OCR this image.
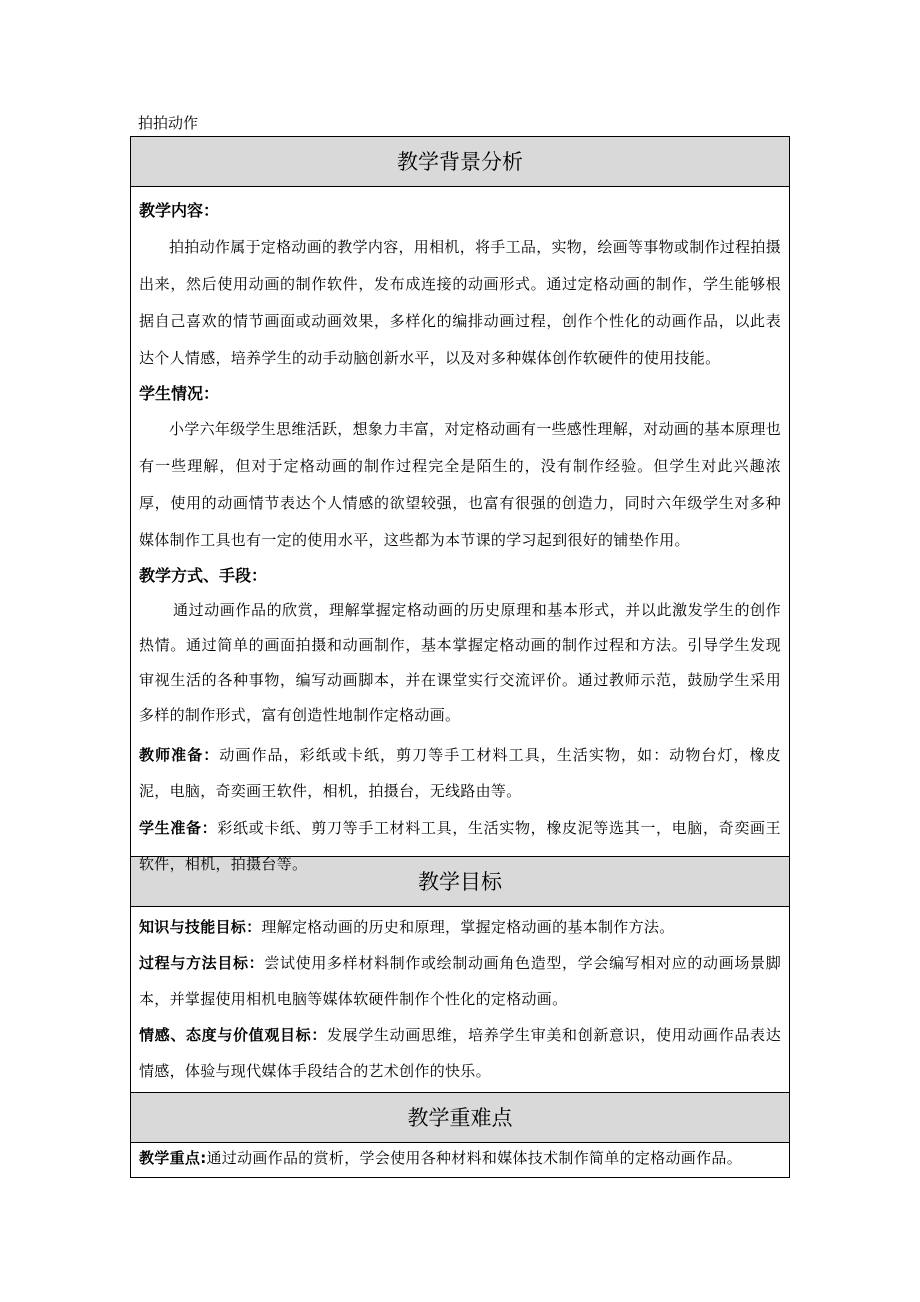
拍拍动作
教学背景分析
教学内容：
拍拍动作属于定格动画的教学内容，用相机，将手工品，实物，绘画等事物或制作过程拍摄出来，然后使用动画的制作软件，发布成连接的动画形式。通过定格动画的制作，学生能够根据自己喜欢的情节画面或动画效果，多样化的编排动画过程，创作个性化的动画作品，以此表达个人情感，培养学生的动手动脑创新水平，以及对多种媒体创作软硬件的使用技能。
学生情况：
小学六年级学生思维活跃，想象力丰富，对定格动画有一些感性理解，对动画的基本原理也有一些理解，但对于定格动画的制作过程完全是陌生的，没有制作经验。但学生对此兴趣浓厚，使用的动画情节表达个人情感的欲望较强，也富有很强的创造力，同时六年级学生对多种媒体制作工具也有一定的使用水平，这些都为本节课的学习起到很好的铺垫作用。
教学方式、手段：
通过动画作品的欣赏，理解掌握定格动画的历史原理和基本形式，并以此激发学生的创作热情。通过简单的画面拍摄和动画制作，基本掌握定格动画的制作过程和方法。引导学生发现审视生活的各种事物，编写动画脚本，并在课堂实行交流评价。通过教师示范，鼓励学生采用多样的制作形式，富有创造性地制作定格动画。
教师准备：动画作品，彩纸或卡纸，剪刀等手工材料工具，生活实物，如：动物台灯，橡皮泥，电脑，奇奕画王软件，相机，拍摄台，无线路由等。
学生准备：彩纸或卡纸、剪刀等手工材料工具，生活实物，橡皮泥等选其一，电脑，奇奕画王软件，相机，拍摄台等。
教学目标
知识与技能目标：理解定格动画的历史和原理，掌握定格动画的基本制作方法。
过程与方法目标：尝试使用多样材料制作或绘制动画角色造型，学会编写相对应的动画场景脚本，并掌握使用相机电脑等媒体软硬件制作个性化的定格动画。
情感、态度与价值观目标：发展学生动画思维，培养学生审美和创新意识，使用动画作品表达情感，体验与现代媒体手段结合的艺术创作的快乐。
教学重难点
教学重点:通过动画作品的赏析，学会使用各种材料和媒体技术制作简单的定格动画作品。
